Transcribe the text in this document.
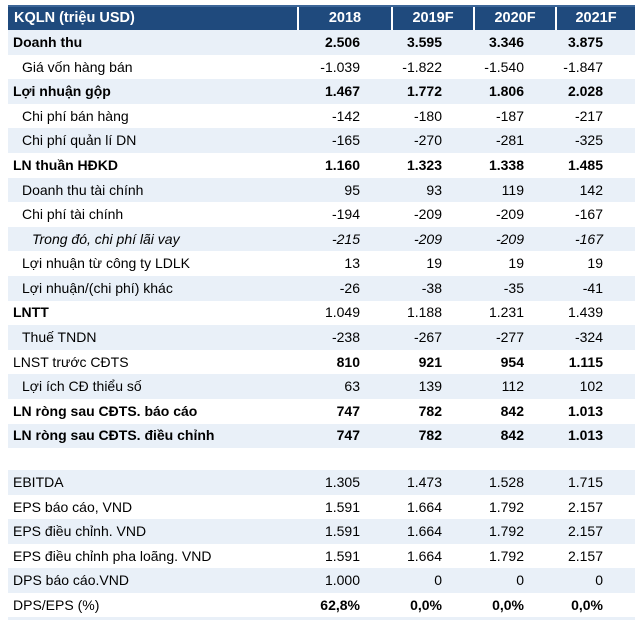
KQLN (triệu USD)	2018	2019F	2020F	2021F
Doanh thu	2.506	3.595	3.346	3.875
Giá vốn hàng bán	-1.039	-1.822	-1.540	-1.847
Lợi nhuận gộp	1.467	1.772	1.806	2.028
Chi phí bán hàng	-142	-180	-187	-217
Chi phí quản lí DN	-165	-270	-281	-325
LN thuần HĐKD	1.160	1.323	1.338	1.485
Doanh thu tài chính	95	93	119	142
Chi phí tài chính	-194	-209	-209	-167
Trong đó, chi phí lãi vay	-215	-209	-209	-167
Lợi nhuận từ công ty LDLK	13	19	19	19
Lợi nhuận/(chi phí) khác	-26	-38	-35	-41
LNTT	1.049	1.188	1.231	1.439
Thuế TNDN	-238	-267	-277	-324
LNST trước CĐTS	810	921	954	1.115
Lợi ích CĐ thiểu số	63	139	112	102
LN ròng sau CĐTS. báo cáo	747	782	842	1.013
LN ròng sau CĐTS. điều chỉnh	747	782	842	1.013

EBITDA	1.305	1.473	1.528	1.715
EPS báo cáo, VND	1.591	1.664	1.792	2.157
EPS điều chỉnh. VND	1.591	1.664	1.792	2.157
EPS điều chỉnh pha loãng. VND	1.591	1.664	1.792	2.157
DPS báo cáo.VND	1.000	0	0	0
DPS/EPS (%)	62,8%	0,0%	0,0%	0,0%
